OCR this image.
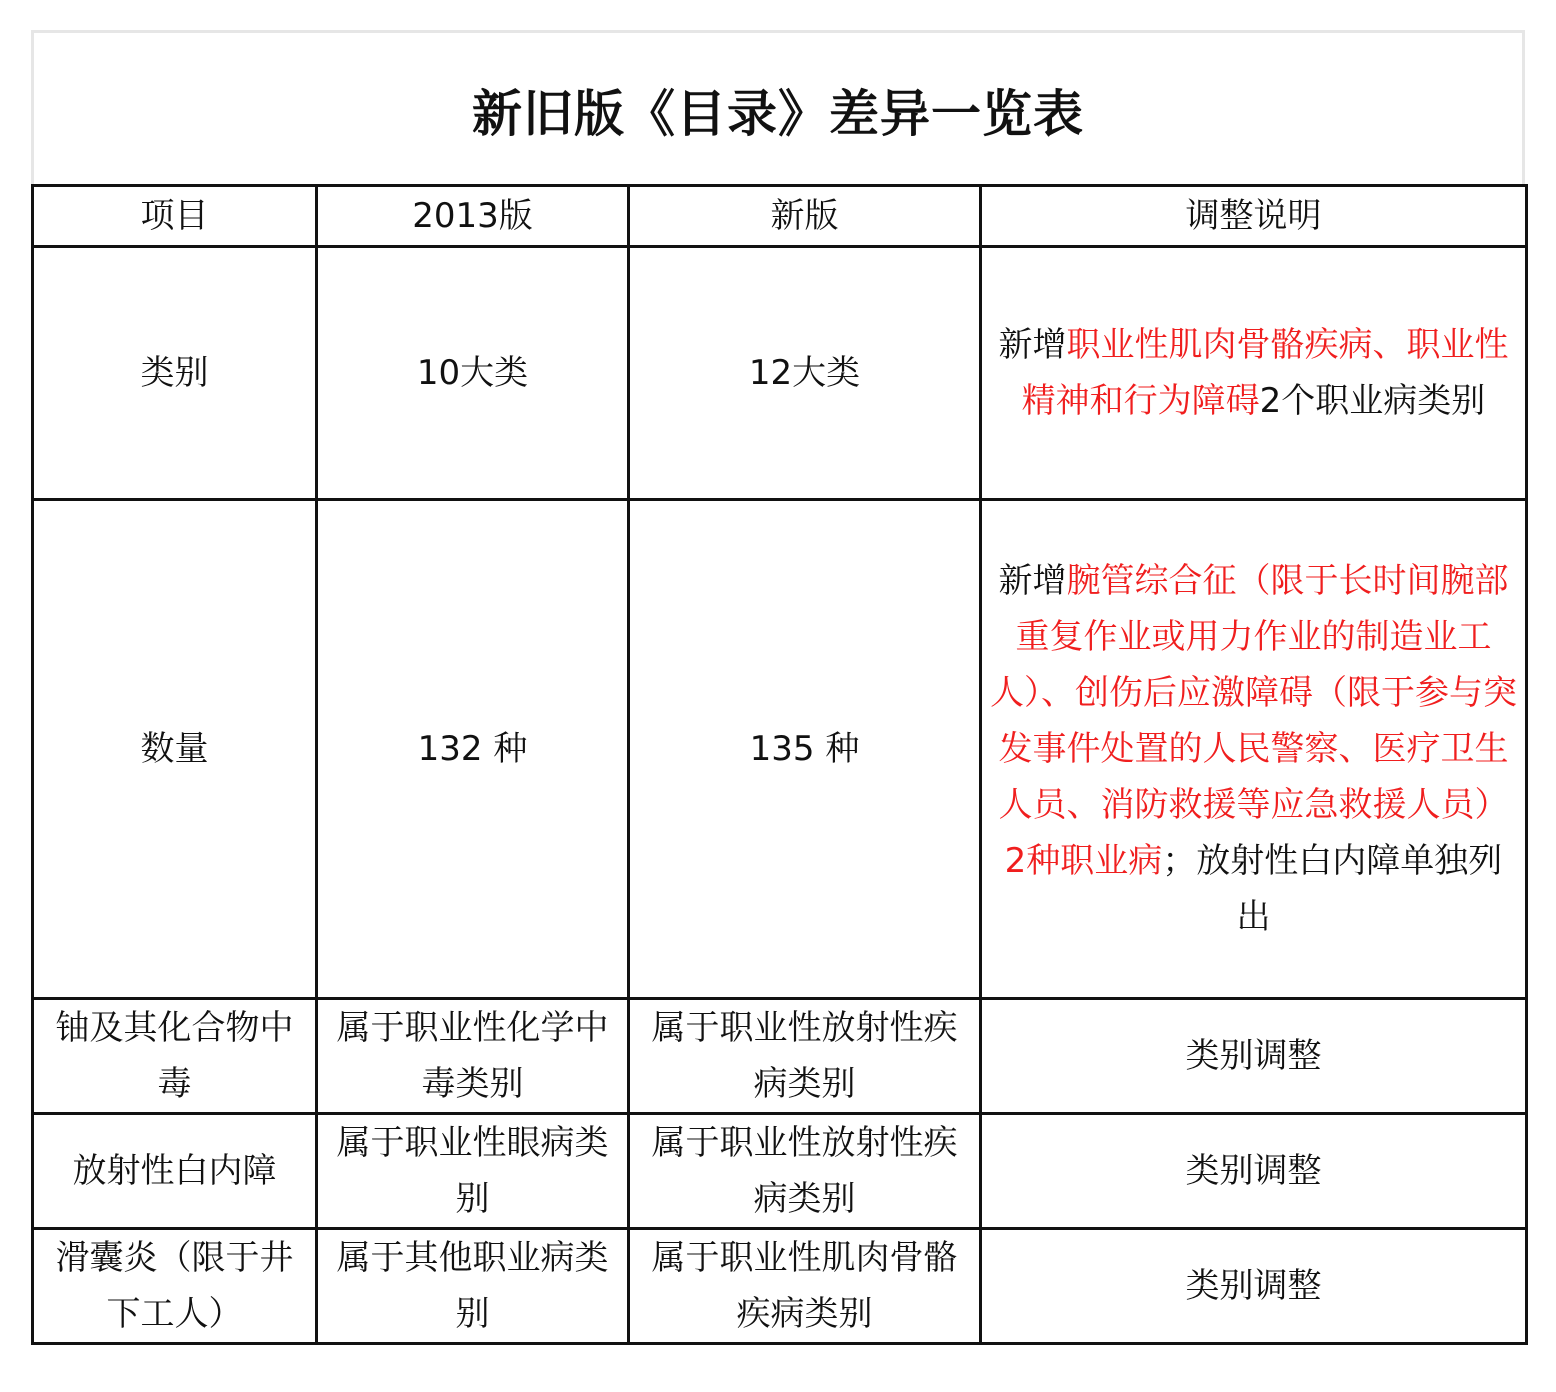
新旧版《目录》差异一览表
项目	2013版	新版	调整说明
类别	10大类	12大类	新增职业性肌肉骨骼疾病、职业性精神和行为障碍2个职业病类别
数量	132 种	135 种	新增腕管综合征（限于长时间腕部重复作业或用力作业的制造业工人）、创伤后应激障碍（限于参与突发事件处置的人民警察、医疗卫生人员、消防救援等应急救援人员）2种职业病；放射性白内障单独列出
铀及其化合物中毒	属于职业性化学中毒类别	属于职业性放射性疾病类别	类别调整
放射性白内障	属于职业性眼病类别	属于职业性放射性疾病类别	类别调整
滑囊炎（限于井下工人）	属于其他职业病类别	属于职业性肌肉骨骼疾病类别	类别调整
